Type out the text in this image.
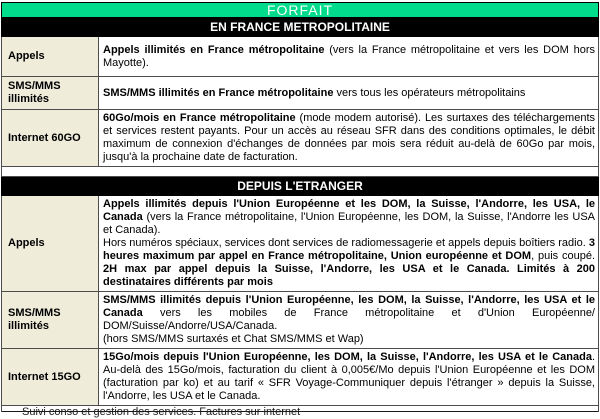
FORFAIT	
EN FRANCE METROPOLITAINE	
Appels	Appels illimités en France métropolitaine (vers la France métropolitaine et vers les DOM hors Mayotte).

SMS/MMS illimités	SMS/MMS illimités en France métropolitaine vers tous les opérateurs métropolitains

Internet 60GO	60Go/mois en France métropolitaine (mode modem autorisé). Les surtaxes des téléchargements et services restent payants. Pour un accès au réseau SFR dans des conditions optimales, le débit maximum de connexion d'échanges de données par mois sera réduit au-delà de 60Go par mois, jusqu'à la prochaine date de facturation.

DEPUIS L'ETRANGER	
Appels	Appels illimités depuis l'Union Européenne et les DOM, la Suisse, l'Andorre, les USA, le Canada (vers la France métropolitaine, l'Union Européenne, les DOM, la Suisse, l'Andorre les USA et Canada).
Hors numéros spéciaux, services dont services de radiomessagerie et appels depuis boîtiers radio. 3 heures maximum par appel en France métropolitaine, Union européenne et DOM, puis coupé. 2H max par appel depuis la Suisse, l'Andorre, les USA et le Canada. Limités à 200 destinataires différents par mois

SMS/MMS illimités	SMS/MMS illimités depuis l'Union Européenne, les DOM, la Suisse, l'Andorre, les USA et le Canada vers les mobiles de France métropolitaine et d'Union Européenne/ DOM/Suisse/Andorre/USA/Canada.
(hors SMS/MMS surtaxés et Chat SMS/MMS et Wap)

Internet 15GO	15Go/mois depuis l'Union Européenne, les DOM, la Suisse, l'Andorre, les USA et le Canada. Au-delà des 15Go/mois, facturation du client à 0,005€/Mo depuis l'Union Européenne et les DOM (facturation par ko) et au tarif « SFR Voyage-Communiquer depuis l'étranger » depuis la Suisse, l'Andorre, les USA et le Canada.

Suivi conso et gestion des services. Factures sur internet	
